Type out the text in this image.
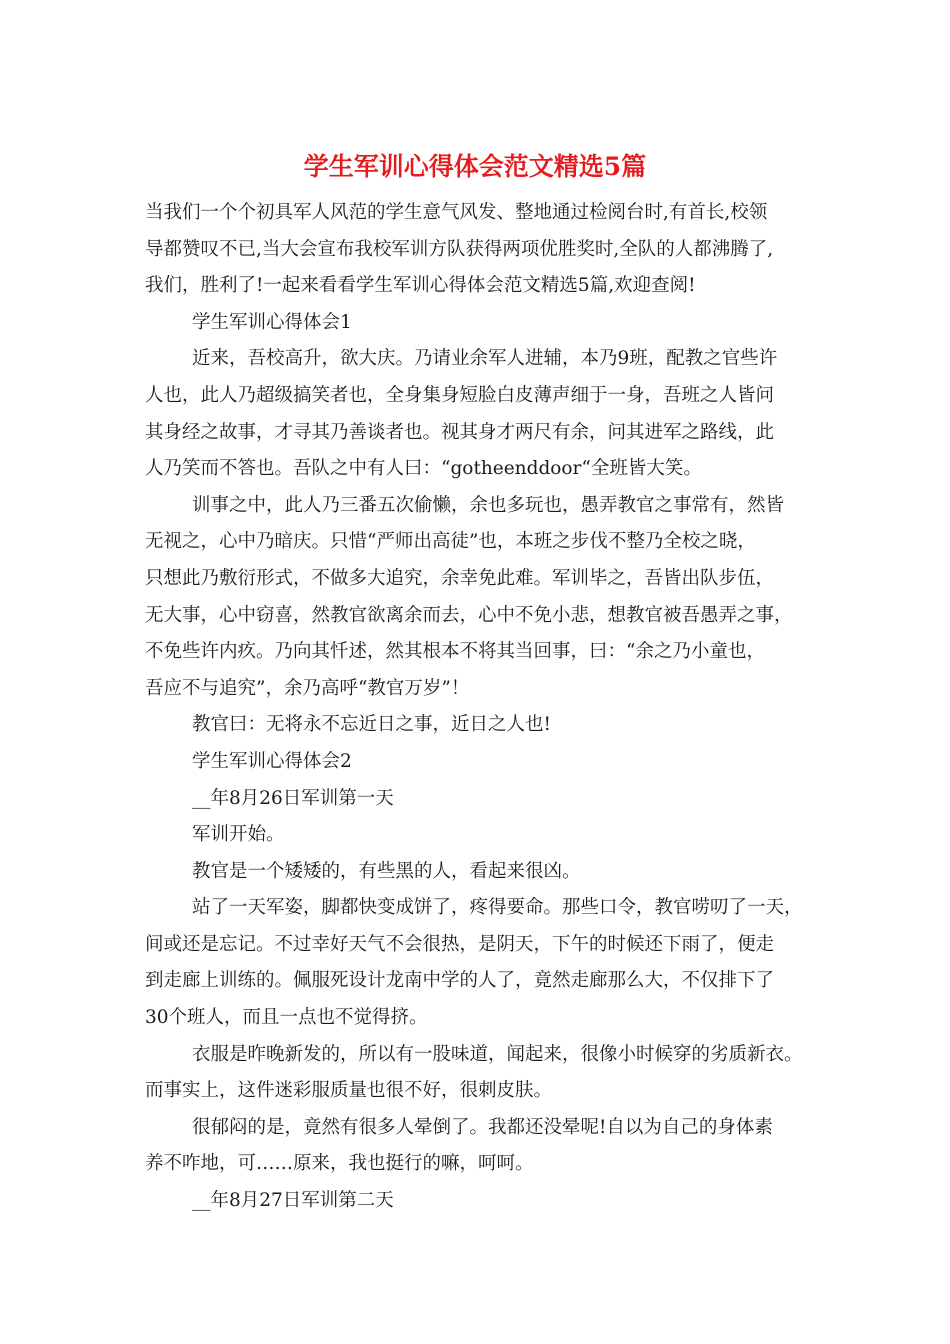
学生军训心得体会范文精选5篇
当我们一个个初具军人风范的学生意气风发、整地通过检阅台时,有首长,校领
导都赞叹不已,当大会宣布我校军训方队获得两项优胜奖时,全队的人都沸腾了,
我们，胜利了!一起来看看学生军训心得体会范文精选5篇,欢迎查阅!
学生军训心得体会1
近来，吾校高升，欲大庆。乃请业余军人进辅，本乃9班，配教之官些许
人也，此人乃超级搞笑者也，全身集身短脸白皮薄声细于一身，吾班之人皆问
其身经之故事，才寻其乃善谈者也。视其身才两尺有余，问其进军之路线，此
人乃笑而不答也。吾队之中有人曰：“gotheenddoor“全班皆大笑。
训事之中，此人乃三番五次偷懒，余也多玩也，愚弄教官之事常有，然皆
无视之，心中乃暗庆。只惜“严师出高徒”也，本班之步伐不整乃全校之晓，
只想此乃敷衍形式，不做多大追究，余幸免此难。军训毕之，吾皆出队步伍，
无大事，心中窃喜，然教官欲离余而去，心中不免小悲，想教官被吾愚弄之事，
不免些许内疚。乃向其忏述，然其根本不将其当回事，曰：“余之乃小童也，
吾应不与追究”，余乃高呼“教官万岁”！
教官曰：无将永不忘近日之事，近日之人也!
学生军训心得体会2
__年8月26日军训第一天
军训开始。
教官是一个矮矮的，有些黑的人，看起来很凶。
站了一天军姿，脚都快变成饼了，疼得要命。那些口令，教官唠叨了一天，
间或还是忘记。不过幸好天气不会很热，是阴天，下午的时候还下雨了，便走
到走廊上训练的。佩服死设计龙南中学的人了，竟然走廊那么大，不仅排下了
30个班人，而且一点也不觉得挤。
衣服是昨晚新发的，所以有一股味道，闻起来，很像小时候穿的劣质新衣。
而事实上，这件迷彩服质量也很不好，很刺皮肤。
很郁闷的是，竟然有很多人晕倒了。我都还没晕呢!自以为自己的身体素
养不咋地，可……原来，我也挺行的嘛，呵呵。
__年8月27日军训第二天
